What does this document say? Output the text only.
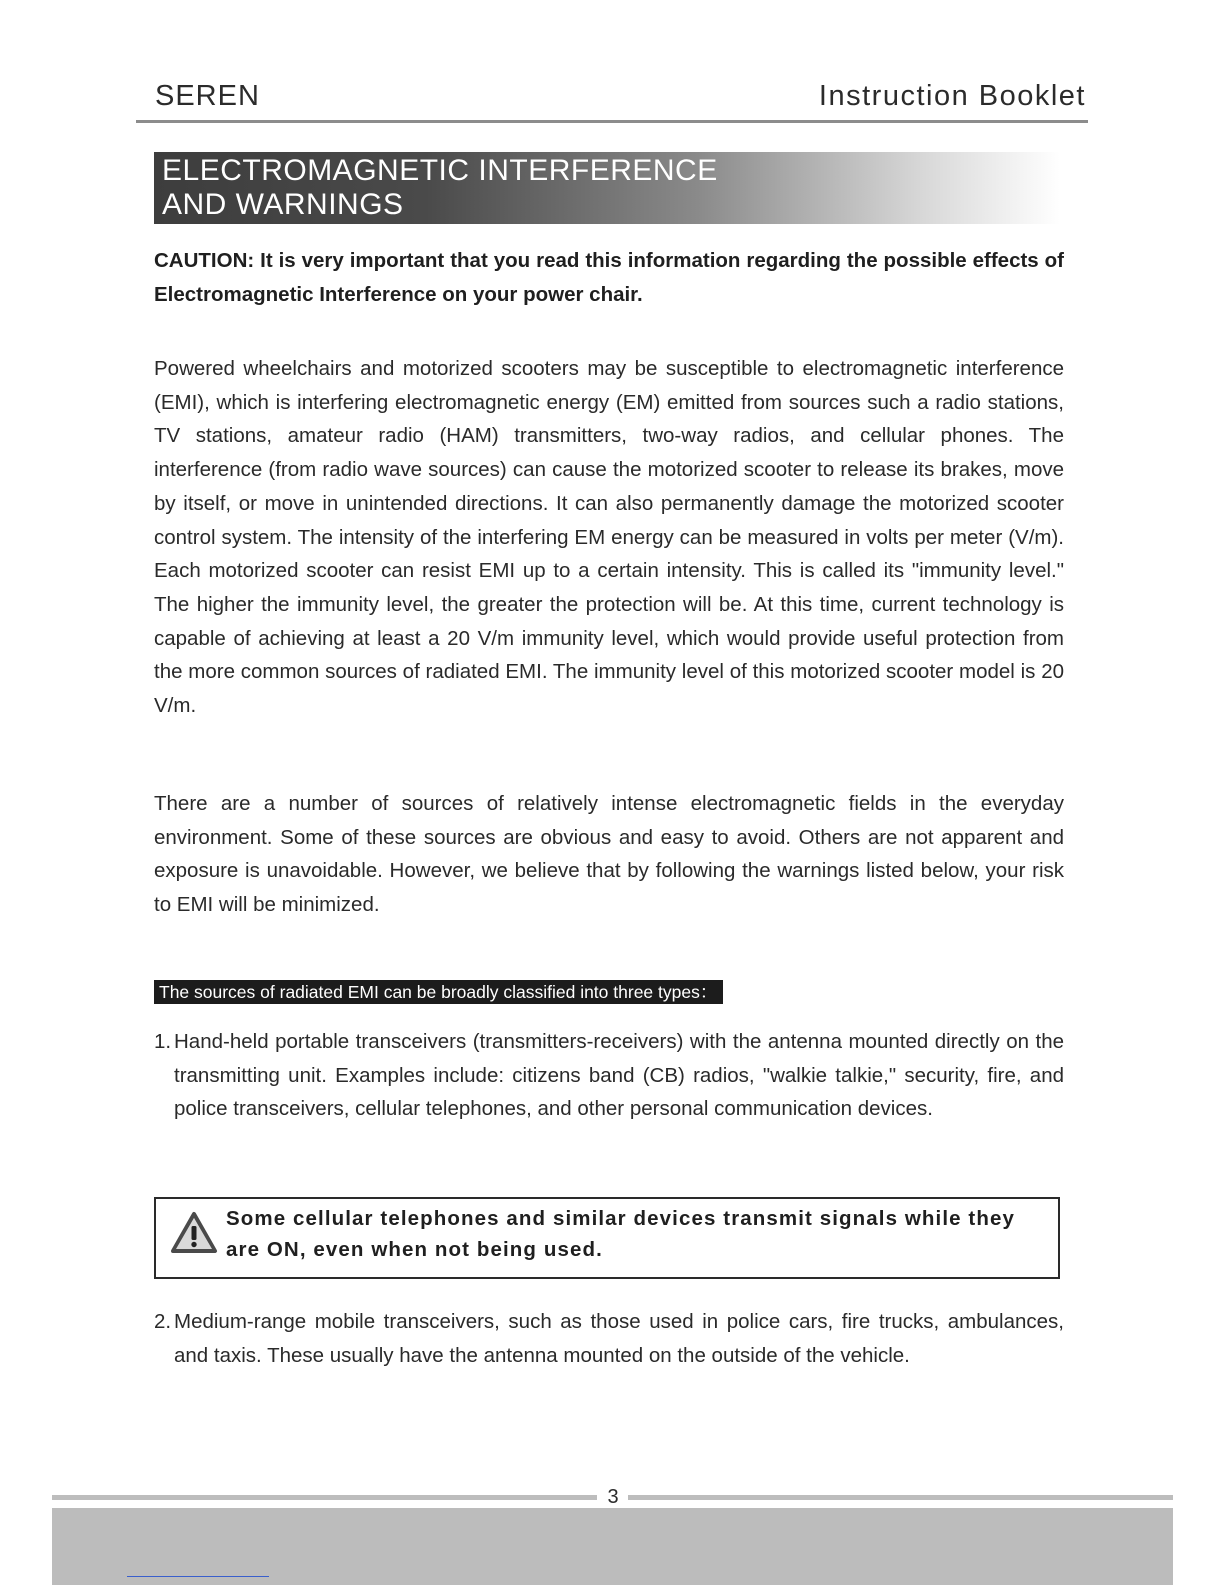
SEREN	Instruction Booklet
ELECTROMAGNETIC INTERFERENCE
AND WARNINGS
CAUTION: It is very important that you read this information regarding the possible effects of Electromagnetic Interference on your power chair.

Powered wheelchairs and motorized scooters may be susceptible to electromagnetic interference (EMI), which is interfering electromagnetic energy (EM) emitted from sources such a radio stations, TV stations, amateur radio (HAM) transmitters, two-way radios, and cellular phones. The interference (from radio wave sources) can cause the motorized scooter to release its brakes, move by itself, or move in unintended directions. It can also permanently damage the motorized scooter control system. The intensity of the interfering EM energy can be measured in volts per meter (V/m). Each motorized scooter can resist EMI up to a certain intensity. This is called its "immunity level." The higher the immunity level, the greater the protection will be. At this time, current technology is capable of achieving at least a 20 V/m immunity level, which would provide useful protection from the more common sources of radiated EMI. The immunity level of this motorized scooter model is 20 V/m.

There are a number of sources of relatively intense electromagnetic fields in the everyday environment. Some of these sources are obvious and easy to avoid. Others are not apparent and exposure is unavoidable. However, we believe that by following the warnings listed below, your risk to EMI will be minimized.

The sources of radiated EMI can be broadly classified into three types：
1. Hand-held portable transceivers (transmitters-receivers) with the antenna mounted directly on the transmitting unit. Examples include: citizens band (CB) radios, "walkie talkie," security, fire, and police transceivers, cellular telephones, and other personal communication devices.
Some cellular telephones and similar devices transmit signals while they are ON, even when not being used.
2. Medium-range mobile transceivers, such as those used in police cars, fire trucks, ambulances, and taxis. These usually have the antenna mounted on the outside of the vehicle.
3
